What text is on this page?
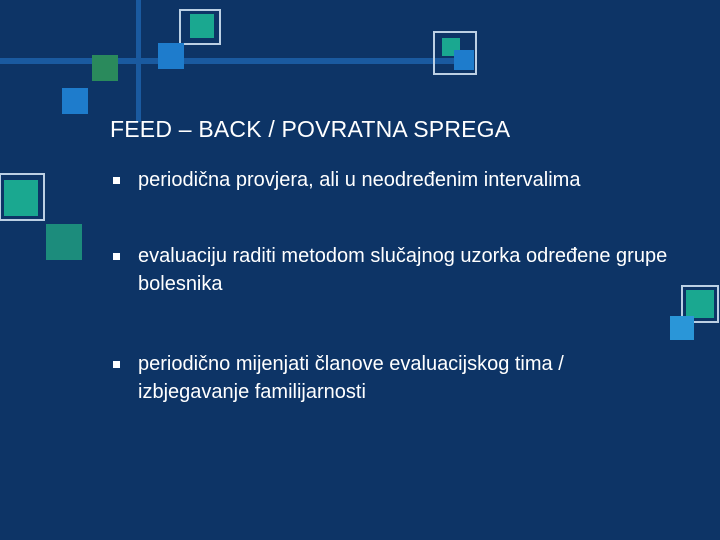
FEED – BACK / POVRATNA SPREGA
periodična provjera, ali u neodređenim intervalima
evaluaciju raditi metodom slučajnog uzorka određene grupe bolesnika
periodično mijenjati članove evaluacijskog tima / izbjegavanje familijarnosti
